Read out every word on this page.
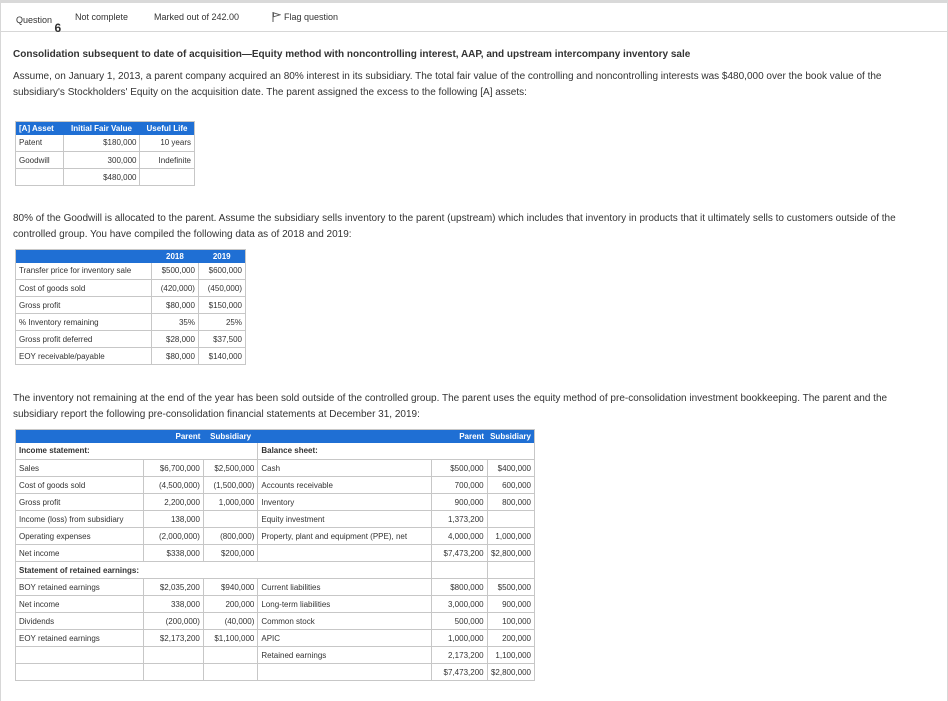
Question 6
Not complete	Marked out of 242.00	Flag question
Consolidation subsequent to date of acquisition—Equity method with noncontrolling interest, AAP, and upstream intercompany inventory sale
Assume, on January 1, 2013, a parent company acquired an 80% interest in its subsidiary. The total fair value of the controlling and noncontrolling interests was $480,000 over the book value of the subsidiary's Stockholders' Equity on the acquisition date. The parent assigned the excess to the following [A] assets:
[A] Asset	Initial Fair Value	Useful Life
Patent	$180,000	10 years
Goodwill	300,000	Indefinite
	$480,000	
80% of the Goodwill is allocated to the parent. Assume the subsidiary sells inventory to the parent (upstream) which includes that inventory in products that it ultimately sells to customers outside of the controlled group. You have compiled the following data as of 2018 and 2019:
	2018	2019
Transfer price for inventory sale	$500,000	$600,000
Cost of goods sold	(420,000)	(450,000)
Gross profit	$80,000	$150,000
% Inventory remaining	35%	25%
Gross profit deferred	$28,000	$37,500
EOY receivable/payable	$80,000	$140,000
The inventory not remaining at the end of the year has been sold outside of the controlled group. The parent uses the equity method of pre-consolidation investment bookkeeping. The parent and the subsidiary report the following pre-consolidation financial statements at December 31, 2019:
	Parent	Subsidiary		Parent	Subsidiary
Income statement:			Balance sheet:		
Sales	$6,700,000	$2,500,000	Cash	$500,000	$400,000
Cost of goods sold	(4,500,000)	(1,500,000)	Accounts receivable	700,000	600,000
Gross profit	2,200,000	1,000,000	Inventory	900,000	800,000
Income (loss) from subsidiary	138,000		Equity investment	1,373,200	
Operating expenses	(2,000,000)	(800,000)	Property, plant and equipment (PPE), net	4,000,000	1,000,000
Net income	$338,000	$200,000		$7,473,200	$2,800,000
Statement of retained earnings:					
BOY retained earnings	$2,035,200	$940,000	Current liabilities	$800,000	$500,000
Net income	338,000	200,000	Long-term liabilities	3,000,000	900,000
Dividends	(200,000)	(40,000)	Common stock	500,000	100,000
EOY retained earnings	$2,173,200	$1,100,000	APIC	1,000,000	200,000
			Retained earnings	2,173,200	1,100,000
				$7,473,200	$2,800,000
